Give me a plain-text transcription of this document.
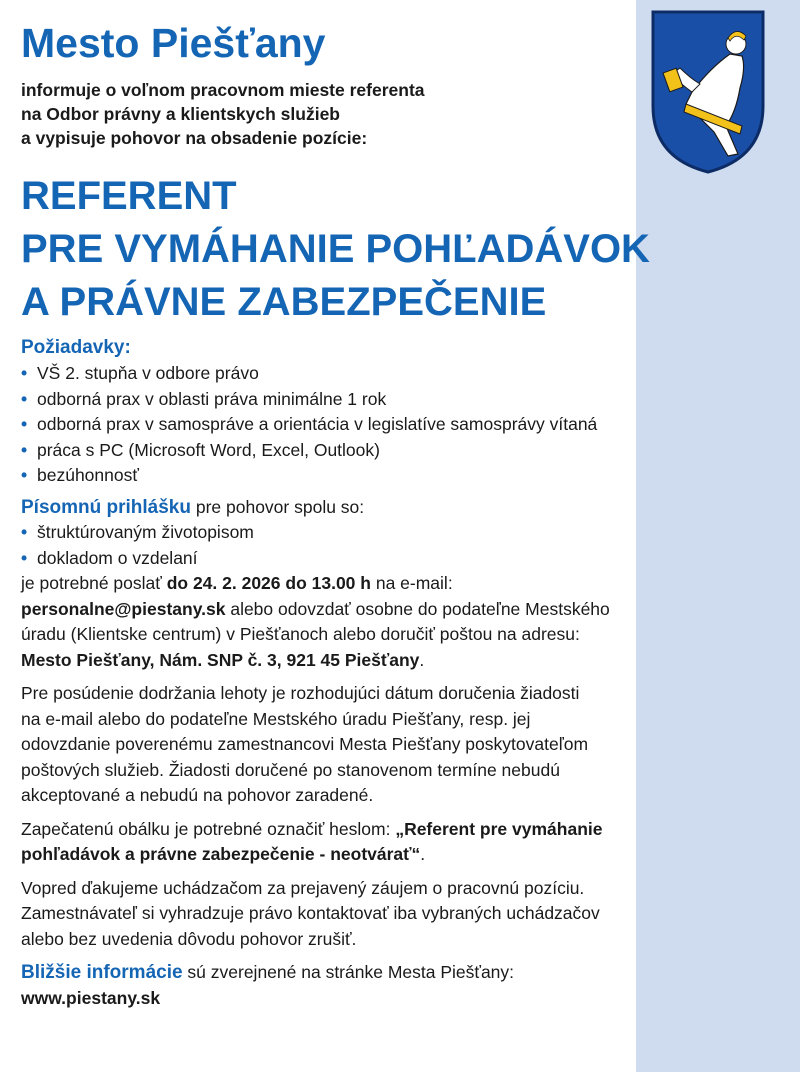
Mesto Piešťany
informuje o voľnom pracovnom mieste referenta
na Odbor právny a klientskych služieb
a vypisuje pohovor na obsadenie pozície:
REFERENT
PRE VYMÁHANIE POHĽADÁVOK
A PRÁVNE ZABEZPEČENIE
Požiadavky:
• VŠ 2. stupňa v odbore právo
• odborná prax v oblasti práva minimálne 1 rok
• odborná prax v samospráve a orientácia v legislatíve samosprávy vítaná
• práca s PC (Microsoft Word, Excel, Outlook)
• bezúhonnosť
Písomnú prihlášku pre pohovor spolu so:
• štruktúrovaným životopisom
• dokladom o vzdelaní
je potrebné poslať do 24. 2. 2026 do 13.00 h na e-mail:
personalne@piestany.sk alebo odovzdať osobne do podateľne Mestského
úradu (Klientske centrum) v Piešťanoch alebo doručiť poštou na adresu:
Mesto Piešťany, Nám. SNP č. 3, 921 45 Piešťany.
Pre posúdenie dodržania lehoty je rozhodujúci dátum doručenia žiadosti
na e-mail alebo do podateľne Mestského úradu Piešťany, resp. jej
odovzdanie poverenému zamestnancovi Mesta Piešťany poskytovateľom
poštových služieb. Žiadosti doručené po stanovenom termíne nebudú
akceptované a nebudú na pohovor zaradené.
Zapečatenú obálku je potrebné označiť heslom: „Referent pre vymáhanie
pohľadávok a právne zabezpečenie - neotvárať“.
Vopred ďakujeme uchádzačom za prejavený záujem o pracovnú pozíciu.
Zamestnávateľ si vyhradzuje právo kontaktovať iba vybraných uchádzačov
alebo bez uvedenia dôvodu pohovor zrušiť.
Bližšie informácie sú zverejnené na stránke Mesta Piešťany:
www.piestany.sk
